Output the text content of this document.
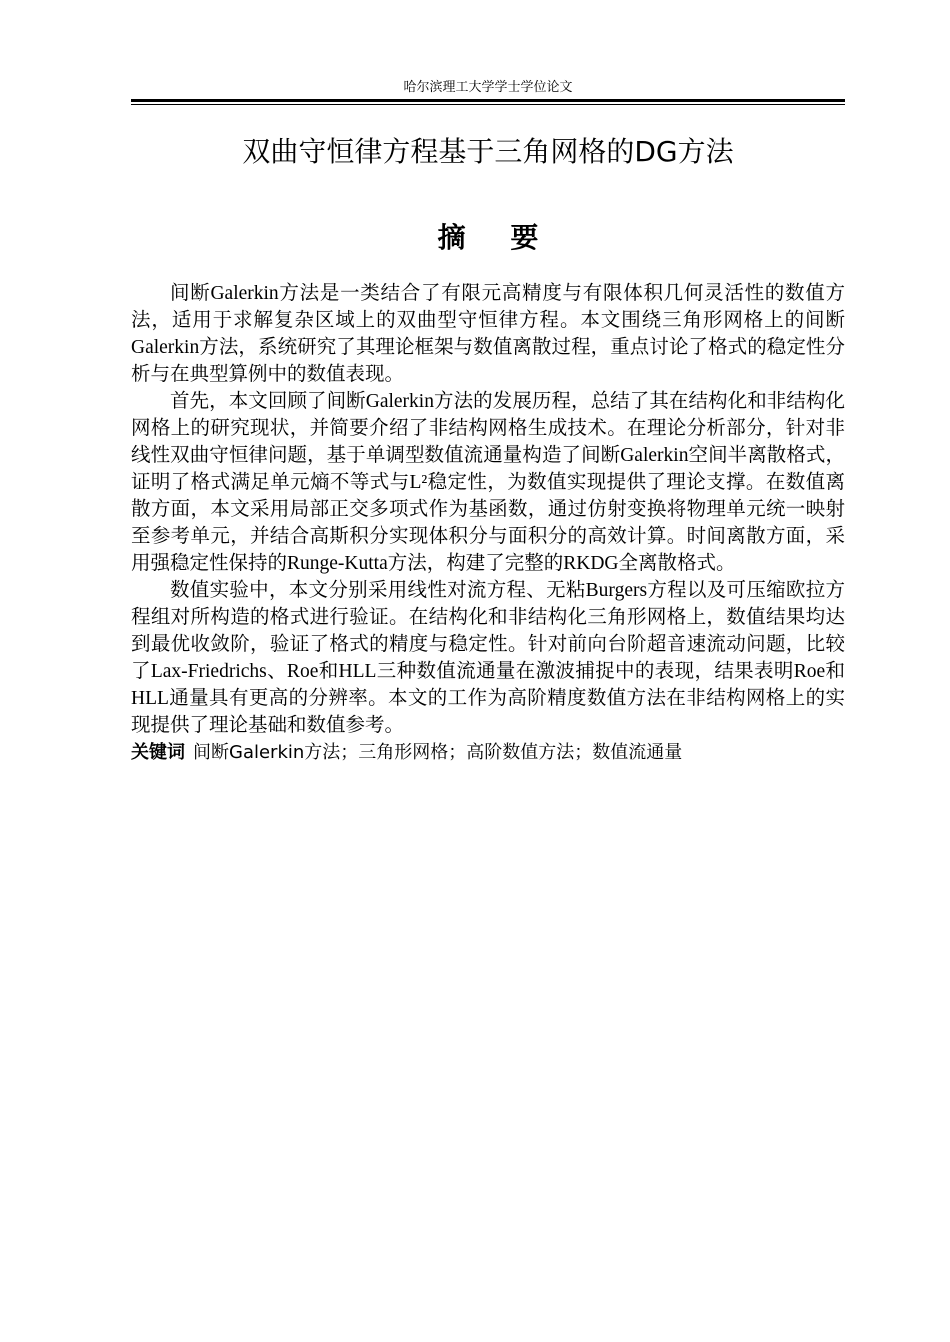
哈尔滨理工大学学士学位论文
双曲守恒律方程基于三角网格的DG方法
摘要

间断Galerkin方法是一类结合了有限元高精度与有限体积几何灵活性的数值方法，适用于求解复杂区域上的双曲型守恒律方程。本文围绕三角形网格上的间断Galerkin方法，系统研究了其理论框架与数值离散过程，重点讨论了格式的稳定性分析与在典型算例中的数值表现。

首先，本文回顾了间断Galerkin方法的发展历程，总结了其在结构化和非结构化网格上的研究现状，并简要介绍了非结构网格生成技术。在理论分析部分，针对非线性双曲守恒律问题，基于单调型数值流通量构造了间断Galerkin空间半离散格式，证明了格式满足单元熵不等式与L²稳定性，为数值实现提供了理论支撑。在数值离散方面，本文采用局部正交多项式作为基函数，通过仿射变换将物理单元统一映射至参考单元，并结合高斯积分实现体积分与面积分的高效计算。时间离散方面，采用强稳定性保持的Runge-Kutta方法，构建了完整的RKDG全离散格式。

数值实验中，本文分别采用线性对流方程、无粘Burgers方程以及可压缩欧拉方程组对所构造的格式进行验证。在结构化和非结构化三角形网格上，数值结果均达到最优收敛阶，验证了格式的精度与稳定性。针对前向台阶超音速流动问题，比较了Lax-Friedrichs、Roe和HLL三种数值流通量在激波捕捉中的表现，结果表明Roe和HLL通量具有更高的分辨率。本文的工作为高阶精度数值方法在非结构网格上的实现提供了理论基础和数值参考。

关键词 间断Galerkin方法；三角形网格；高阶数值方法；数值流通量
